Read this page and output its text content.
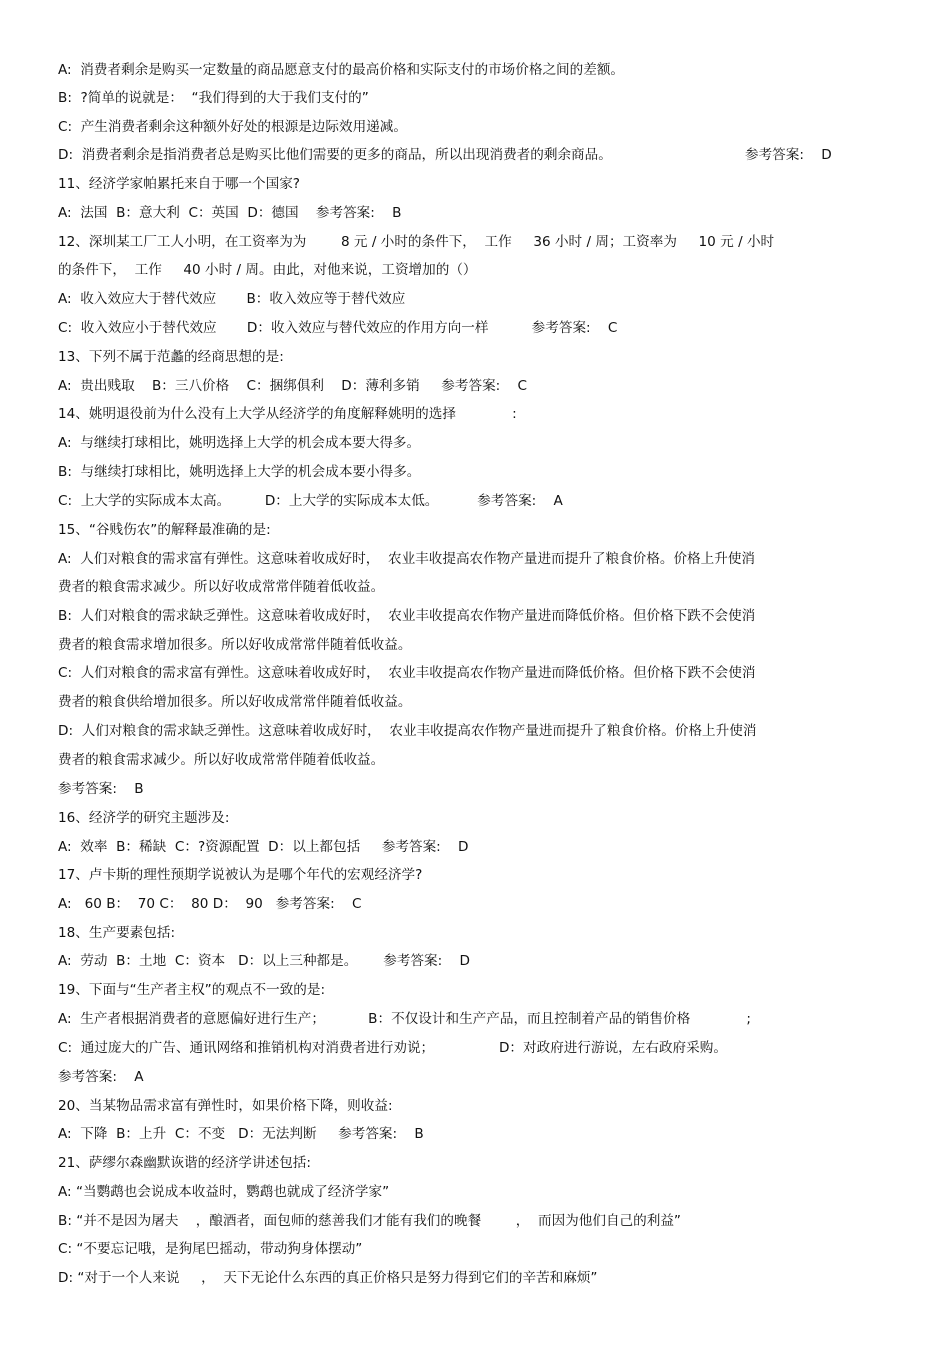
A:  消费者剩余是购买一定数量的商品愿意支付的最高价格和实际支付的市场价格之间的差额。
B:  ?简单的说就是：  “我们得到的大于我们支付的”
C:  产生消费者剩余这种额外好处的根源是边际效用递减。
D:  消费者剩余是指消费者总是购买比他们需要的更多的商品，所以出现消费者的剩余商品。	参考答案:    D
11、经济学家帕累托来自于哪一个国家?
A:  法国  B：意大利  C：英国  D：德国    参考答案:    B
12、深圳某工厂工人小明，在工资率为为        8 元 / 小时的条件下，  工作     36 小时 / 周；工资率为     10 元 / 小时
的条件下，  工作     40 小时 / 周。由此，对他来说，工资增加的（）
A:  收入效应大于替代效应       B：收入效应等于替代效应
C:  收入效应小于替代效应       D：收入效应与替代效应的作用方向一样          参考答案:    C
13、下列不属于范蠡的经商思想的是:
A:  贵出贱取    B：三八价格    C：捆绑俱利    D：薄利多销     参考答案:    C
14、姚明退役前为什么没有上大学从经济学的角度解释姚明的选择             :
A:  与继续打球相比，姚明选择上大学的机会成本要大得多。
B:  与继续打球相比，姚明选择上大学的机会成本要小得多。
C:  上大学的实际成本太高。        D：上大学的实际成本太低。         参考答案:    A
15、“谷贱伤农”的解释最准确的是:
A:  人们对粮食的需求富有弹性。这意味着收成好时，  农业丰收提高农作物产量进而提升了粮食价格。价格上升使消
费者的粮食需求减少。所以好收成常常伴随着低收益。
B:  人们对粮食的需求缺乏弹性。这意味着收成好时，  农业丰收提高农作物产量进而降低价格。但价格下跌不会使消
费者的粮食需求增加很多。所以好收成常常伴随着低收益。
C:  人们对粮食的需求富有弹性。这意味着收成好时，  农业丰收提高农作物产量进而降低价格。但价格下跌不会使消
费者的粮食供给增加很多。所以好收成常常伴随着低收益。
D:  人们对粮食的需求缺乏弹性。这意味着收成好时，  农业丰收提高农作物产量进而提升了粮食价格。价格上升使消
费者的粮食需求减少。所以好收成常常伴随着低收益。
参考答案:    B
16、经济学的研究主题涉及:
A:  效率  B：稀缺  C：?资源配置  D：以上都包括     参考答案:    D
17、卢卡斯的理性预期学说被认为是哪个年代的宏观经济学?
A:   60 B：  70 C：  80 D：  90   参考答案:    C
18、生产要素包括:
A:  劳动  B：土地  C：资本   D：以上三种都是。      参考答案:    D
19、下面与“生产者主权”的观点不一致的是:
A:  生产者根据消费者的意愿偏好进行生产；          B：不仅设计和生产产品，而且控制着产品的销售价格             ;
C:  通过庞大的广告、通讯网络和推销机构对消费者进行劝说；               D：对政府进行游说，左右政府采购。
参考答案:    A
20、当某物品需求富有弹性时，如果价格下降，则收益:
A:  下降  B：上升  C：不变   D：无法判断     参考答案:    B
21、萨缪尔森幽默诙谐的经济学讲述包括:
A: “当鹦鹉也会说成本收益时，鹦鹉也就成了经济学家”
B: “并不是因为屠夫    ，酿酒者，面包师的慈善我们才能有我们的晚餐        ，  而因为他们自己的利益”
C: “不要忘记哦，是狗尾巴摇动，带动狗身体摆动”
D: “对于一个人来说     ，  天下无论什么东西的真正价格只是努力得到它们的辛苦和麻烦”
